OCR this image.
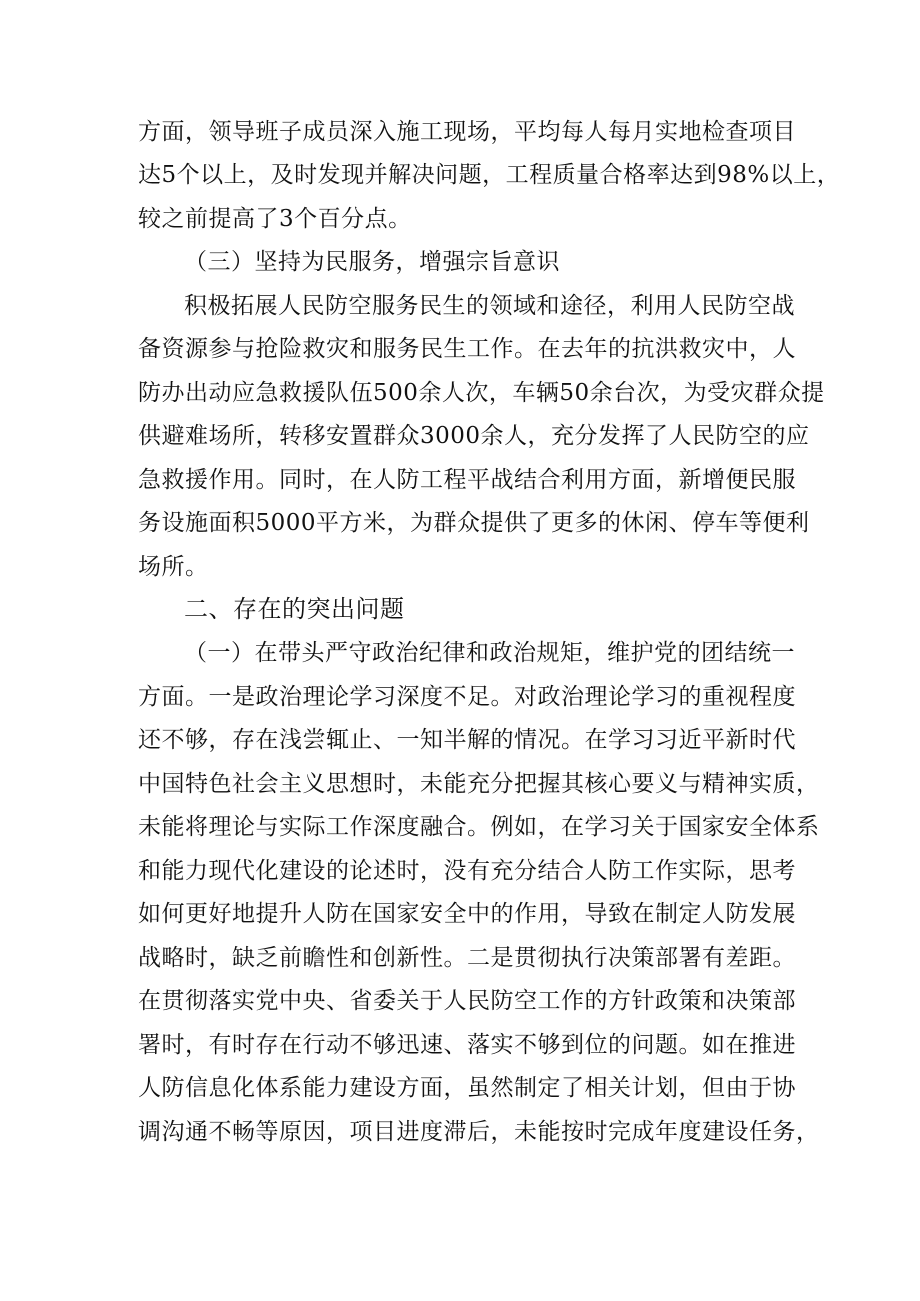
方面，领导班子成员深入施工现场，平均每人每月实地检查项目
达5个以上，及时发现并解决问题，工程质量合格率达到98%以上，
较之前提高了3个百分点。
（三）坚持为民服务，增强宗旨意识
积极拓展人民防空服务民生的领域和途径，利用人民防空战
备资源参与抢险救灾和服务民生工作。在去年的抗洪救灾中，人
防办出动应急救援队伍500余人次，车辆50余台次，为受灾群众提
供避难场所，转移安置群众3000余人，充分发挥了人民防空的应
急救援作用。同时，在人防工程平战结合利用方面，新增便民服
务设施面积5000平方米，为群众提供了更多的休闲、停车等便利
场所。
二、存在的突出问题
（一）在带头严守政治纪律和政治规矩，维护党的团结统一
方面。一是政治理论学习深度不足。对政治理论学习的重视程度
还不够，存在浅尝辄止、一知半解的情况。在学习习近平新时代
中国特色社会主义思想时，未能充分把握其核心要义与精神实质，
未能将理论与实际工作深度融合。例如，在学习关于国家安全体系
和能力现代化建设的论述时，没有充分结合人防工作实际，思考
如何更好地提升人防在国家安全中的作用，导致在制定人防发展
战略时，缺乏前瞻性和创新性。二是贯彻执行决策部署有差距。
在贯彻落实党中央、省委关于人民防空工作的方针政策和决策部
署时，有时存在行动不够迅速、落实不够到位的问题。如在推进
人防信息化体系能力建设方面，虽然制定了相关计划，但由于协
调沟通不畅等原因，项目进度滞后，未能按时完成年度建设任务，
